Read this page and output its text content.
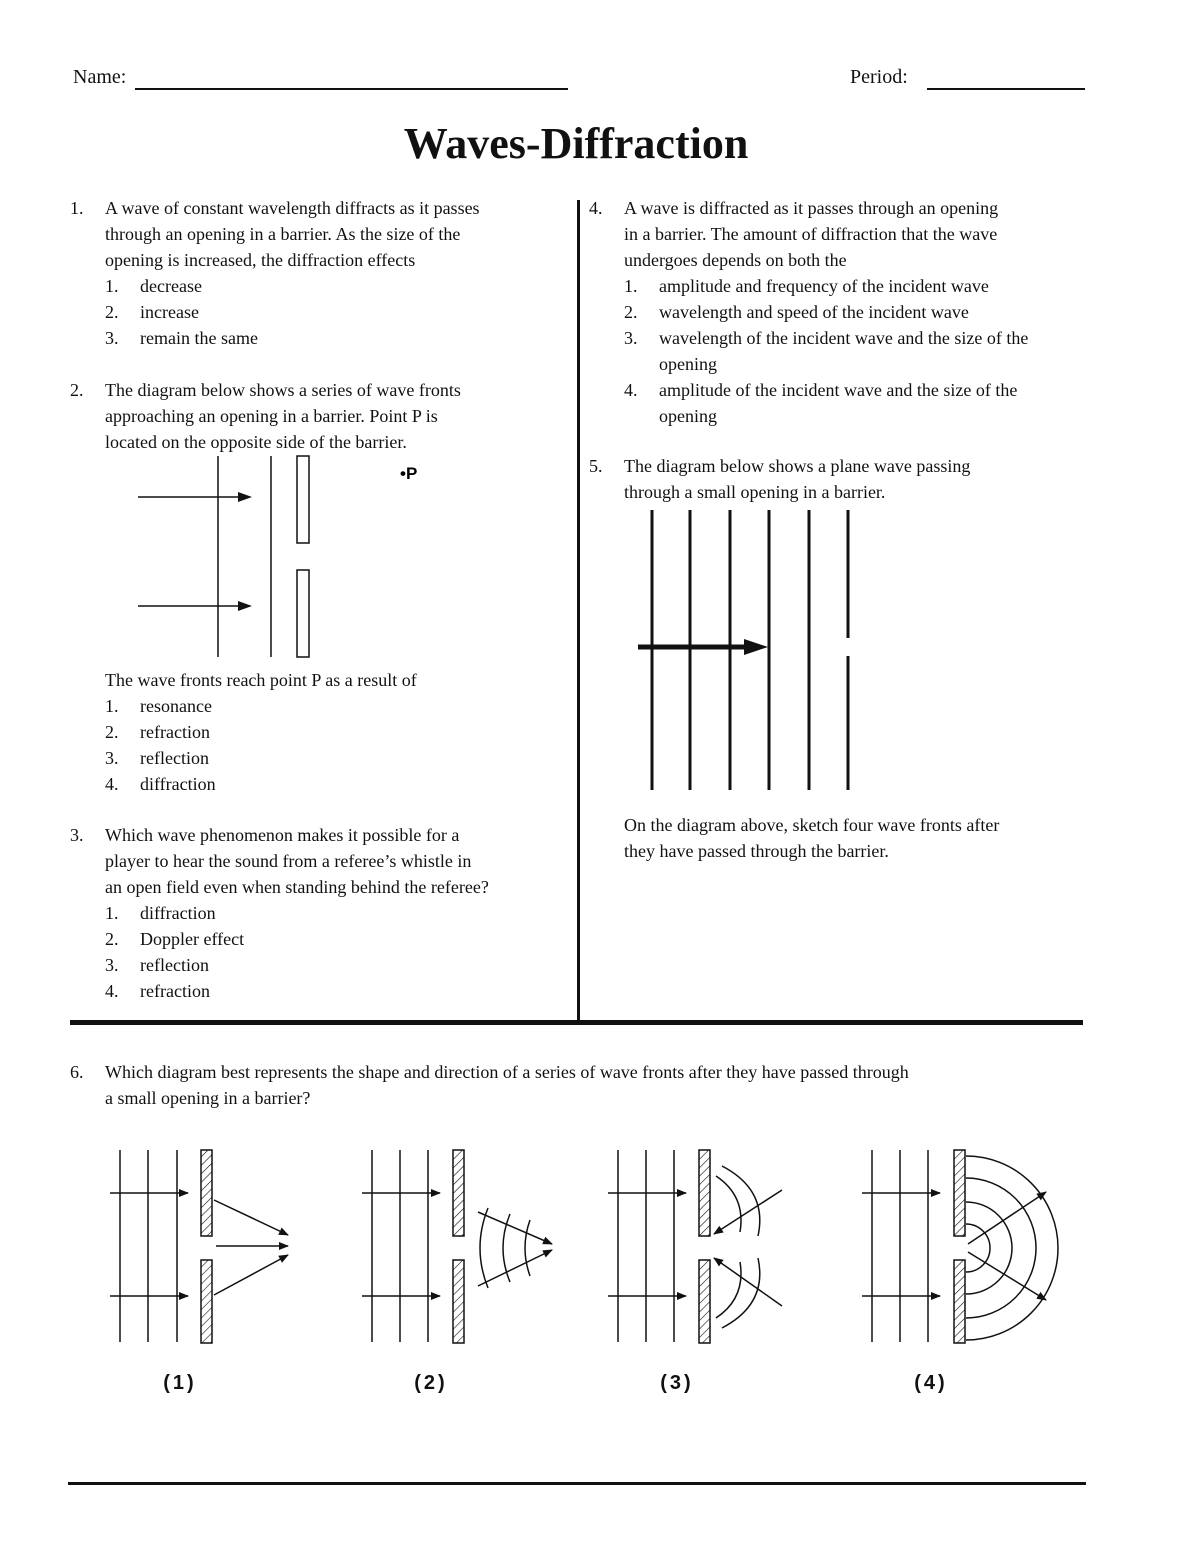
Name:	Period:
Waves-Diffraction
1. A wave of constant wavelength diffracts as it passes
through an opening in a barrier. As the size of the
opening is increased, the diffraction effects
1. decrease
2. increase
3. remain the same
2. The diagram below shows a series of wave fronts
approaching an opening in a barrier. Point P is
located on the opposite side of the barrier.
•P
The wave fronts reach point P as a result of
1. resonance
2. refraction
3. reflection
4. diffraction
3. Which wave phenomenon makes it possible for a
player to hear the sound from a referee’s whistle in
an open field even when standing behind the referee?
1. diffraction
2. Doppler effect
3. reflection
4. refraction
4. A wave is diffracted as it passes through an opening
in a barrier. The amount of diffraction that the wave
undergoes depends on both the
1. amplitude and frequency of the incident wave
2. wavelength and speed of the incident wave
3. wavelength of the incident wave and the size of the opening
4. amplitude of the incident wave and the size of the opening
5. The diagram below shows a plane wave passing
through a small opening in a barrier.
On the diagram above, sketch four wave fronts after
they have passed through the barrier.
6. Which diagram best represents the shape and direction of a series of wave fronts after they have passed through
a small opening in a barrier?
(1)	(2)	(3)	(4)
